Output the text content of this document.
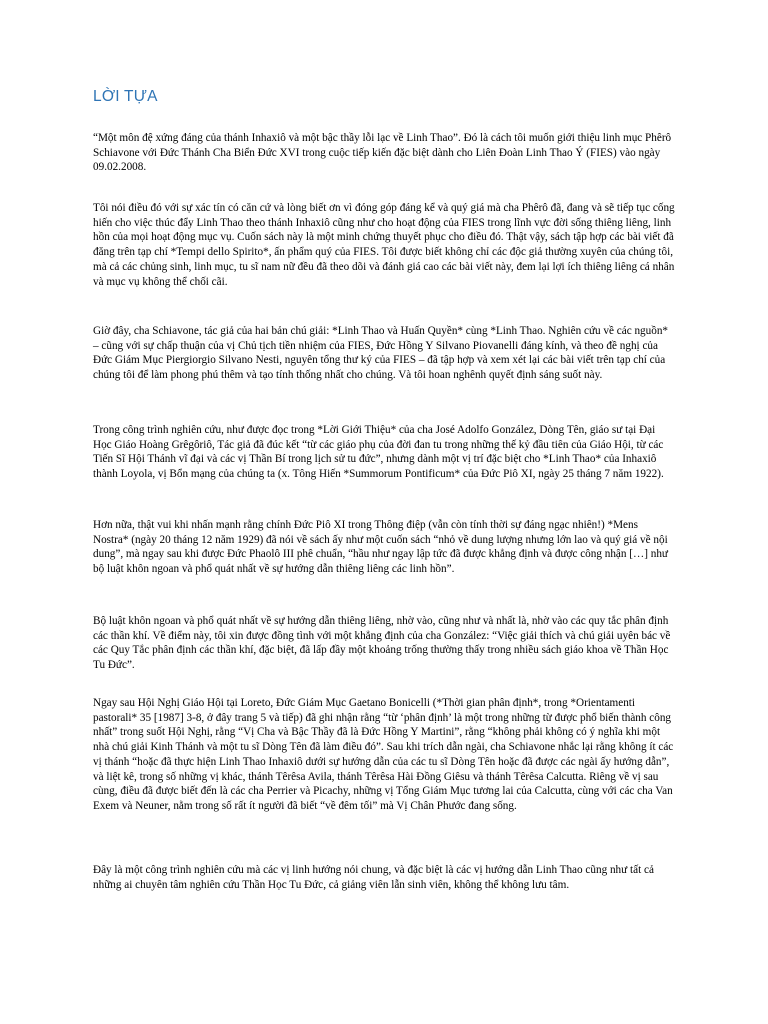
LỜI TỰA

“Một môn đệ xứng đáng của thánh Inhaxiô và một bậc thầy lỗi lạc về Linh Thao”. Đó là cách tôi muốn giới thiệu linh mục Phêrô Schiavone với Đức Thánh Cha Biển Đức XVI trong cuộc tiếp kiến đặc biệt dành cho Liên Đoàn Linh Thao Ý (FIES) vào ngày 09.02.2008.

Tôi nói điều đó với sự xác tín có căn cứ và lòng biết ơn vì đóng góp đáng kể và quý giá mà cha Phêrô đã, đang và sẽ tiếp tục cống hiến cho việc thúc đẩy Linh Thao theo thánh Inhaxiô cũng như cho hoạt động của FIES trong lĩnh vực đời sống thiêng liêng, linh hồn của mọi hoạt động mục vụ. Cuốn sách này là một minh chứng thuyết phục cho điều đó. Thật vậy, sách tập hợp các bài viết đã đăng trên tạp chí *Tempi dello Spirito*, ấn phẩm quý của FIES. Tôi được biết không chỉ các độc giả thường xuyên của chúng tôi, mà cả các chủng sinh, linh mục, tu sĩ nam nữ đều đã theo dõi và đánh giá cao các bài viết này, đem lại lợi ích thiêng liêng cá nhân và mục vụ không thể chối cãi.

Giờ đây, cha Schiavone, tác giả của hai bản chú giải: *Linh Thao và Huấn Quyền* cùng *Linh Thao. Nghiên cứu về các nguồn* – cũng với sự chấp thuận của vị Chủ tịch tiền nhiệm của FIES, Đức Hồng Y Silvano Piovanelli đáng kính, và theo đề nghị của Đức Giám Mục Piergiorgio Silvano Nesti, nguyên tổng thư ký của FIES – đã tập hợp và xem xét lại các bài viết trên tạp chí của chúng tôi để làm phong phú thêm và tạo tính thống nhất cho chúng. Và tôi hoan nghênh quyết định sáng suốt này.

Trong công trình nghiên cứu, như được đọc trong *Lời Giới Thiệu* của cha José Adolfo González, Dòng Tên, giáo sư tại Đại Học Giáo Hoàng Grêgôriô, Tác giả đã đúc kết “từ các giáo phụ của đời đan tu trong những thế kỷ đầu tiên của Giáo Hội, từ các Tiến Sĩ Hội Thánh vĩ đại và các vị Thần Bí trong lịch sử tu đức”, nhưng dành một vị trí đặc biệt cho *Linh Thao* của Inhaxiô thành Loyola, vị Bổn mạng của chúng ta (x. Tông Hiến *Summorum Pontificum* của Đức Piô XI, ngày 25 tháng 7 năm 1922).

Hơn nữa, thật vui khi nhấn mạnh rằng chính Đức Piô XI trong Thông điệp (vẫn còn tính thời sự đáng ngạc nhiên!) *Mens Nostra* (ngày 20 tháng 12 năm 1929) đã nói về sách ấy như một cuốn sách “nhỏ về dung lượng nhưng lớn lao và quý giá về nội dung”, mà ngay sau khi được Đức Phaolô III phê chuẩn, “hầu như ngay lập tức đã được khẳng định và được công nhận […] như bộ luật khôn ngoan và phổ quát nhất về sự hướng dẫn thiêng liêng các linh hồn”.

Bộ luật khôn ngoan và phổ quát nhất về sự hướng dẫn thiêng liêng, nhờ vào, cũng như và nhất là, nhờ vào các quy tắc phân định các thần khí. Về điểm này, tôi xin được đồng tình với một khẳng định của cha González: “Việc giải thích và chú giải uyên bác về các Quy Tắc phân định các thần khí, đặc biệt, đã lấp đầy một khoảng trống thường thấy trong nhiều sách giáo khoa về Thần Học Tu Đức”.

Ngay sau Hội Nghị Giáo Hội tại Loreto, Đức Giám Mục Gaetano Bonicelli (*Thời gian phân định*, trong *Orientamenti pastorali* 35 [1987] 3-8, ở đây trang 5 và tiếp) đã ghi nhận rằng “từ ‘phân định’ là một trong những từ được phổ biến thành công nhất” trong suốt Hội Nghị, rằng “Vị Cha và Bậc Thầy đã là Đức Hồng Y Martini”, rằng “không phải không có ý nghĩa khi một nhà chú giải Kinh Thánh và một tu sĩ Dòng Tên đã làm điều đó”. Sau khi trích dẫn ngài, cha Schiavone nhắc lại rằng không ít các vị thánh “hoặc đã thực hiện Linh Thao Inhaxiô dưới sự hướng dẫn của các tu sĩ Dòng Tên hoặc đã được các ngài ấy hướng dẫn”, và liệt kê, trong số những vị khác, thánh Têrêsa Avila, thánh Têrêsa Hài Đồng Giêsu và thánh Têrêsa Calcutta. Riêng về vị sau cùng, điều đã được biết đến là các cha Perrier và Picachy, những vị Tổng Giám Mục tương lai của Calcutta, cùng với các cha Van Exem và Neuner, nằm trong số rất ít người đã biết “về đêm tối” mà Vị Chân Phước đang sống.

Đây là một công trình nghiên cứu mà các vị linh hướng nói chung, và đặc biệt là các vị hướng dẫn Linh Thao cũng như tất cả những ai chuyên tâm nghiên cứu Thần Học Tu Đức, cả giảng viên lẫn sinh viên, không thể không lưu tâm.
